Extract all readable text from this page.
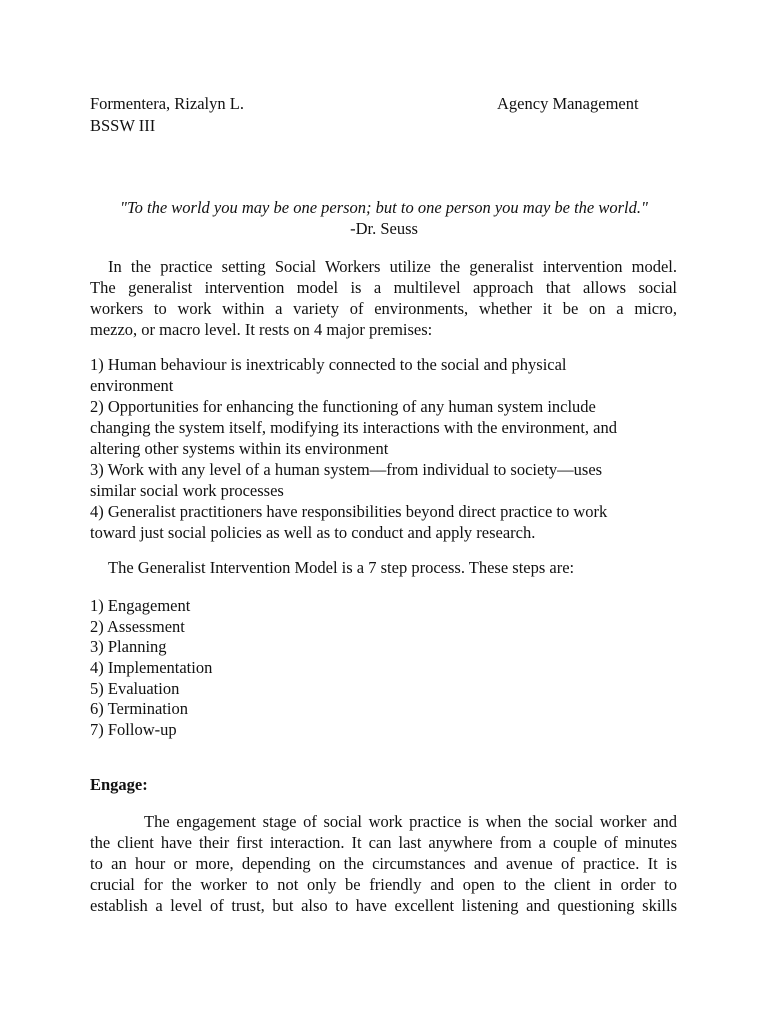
Formentera, Rizalyn L.	Agency Management
BSSW III
"To the world you may be one person; but to one person you may be the world."
-Dr. Seuss
In the practice setting Social Workers utilize the generalist intervention model.
The generalist intervention model is a multilevel approach that allows social
workers to work within a variety of environments, whether it be on a micro,
mezzo, or macro level. It rests on 4 major premises:
1) Human behaviour is inextricably connected to the social and physical
environment
2) Opportunities for enhancing the functioning of any human system include
changing the system itself, modifying its interactions with the environment, and
altering other systems within its environment
3) Work with any level of a human system—from individual to society—uses
similar social work processes
4) Generalist practitioners have responsibilities beyond direct practice to work
toward just social policies as well as to conduct and apply research.
The Generalist Intervention Model is a 7 step process. These steps are:
1) Engagement
2) Assessment
3) Planning
4) Implementation
5) Evaluation
6) Termination
7) Follow-up
Engage:
The engagement stage of social work practice is when the social worker and
the client have their first interaction. It can last anywhere from a couple of minutes
to an hour or more, depending on the circumstances and avenue of practice. It is
crucial for the worker to not only be friendly and open to the client in order to
establish a level of trust, but also to have excellent listening and questioning skills
